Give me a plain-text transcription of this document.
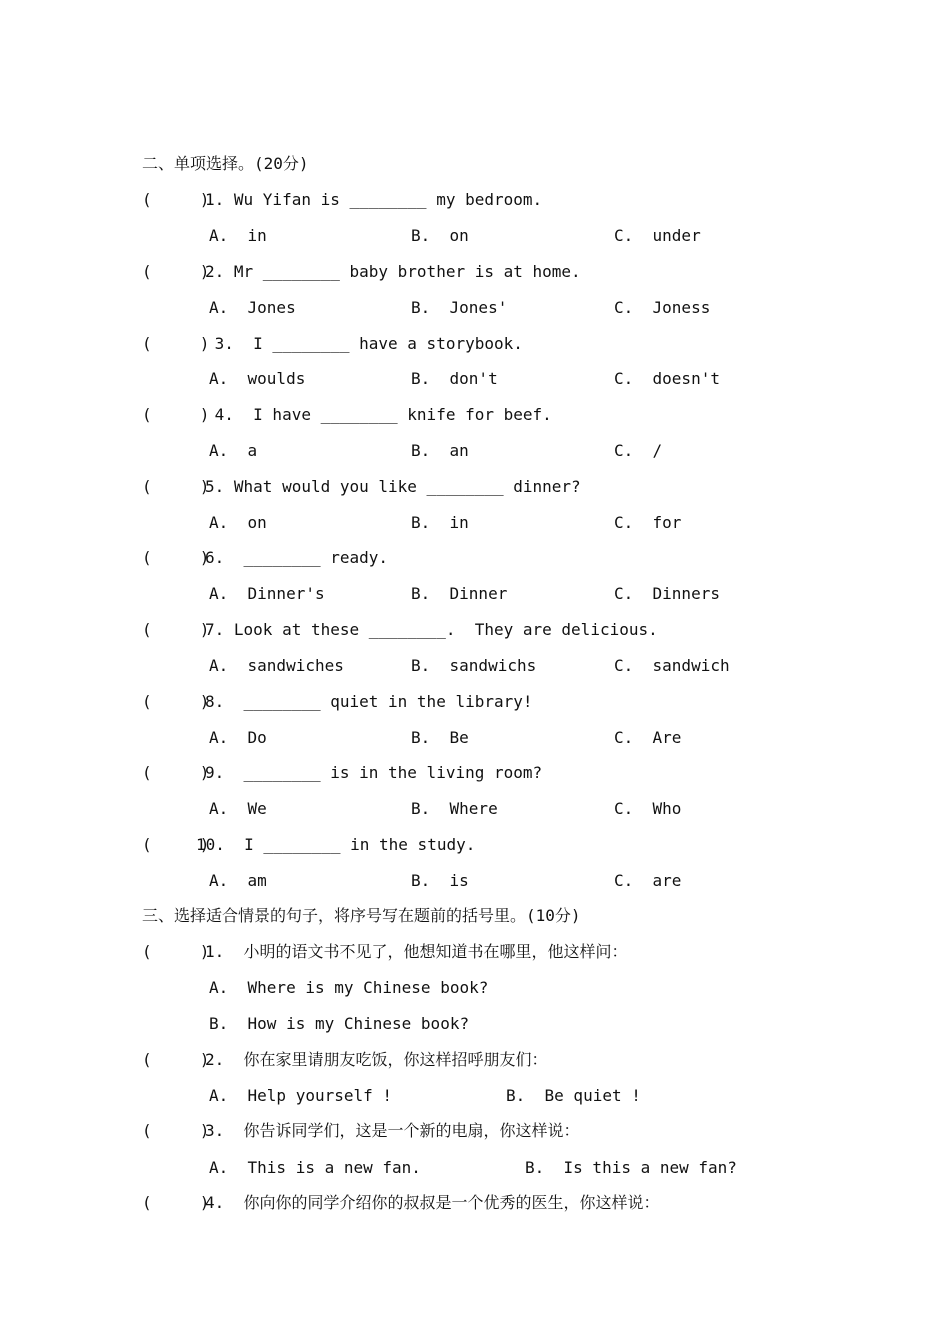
二、单项选择。(20分)
(     )
1. Wu Yifan is ________ my bedroom.
A.  in	B.  on	C.  under
(     )
2. Mr ________ baby brother is at home.
A.  Jones	B.  Jones'	C.  Joness
(     )
3.  I ________ have a storybook.
A.  woulds	B.  don't	C.  doesn't
(     )
4.  I have ________ knife for beef.
A.  a	B.  an	C.  /
(     )
5. What would you like ________ dinner?
A.  on	B.  in	C.  for
(     )
6.  ________ ready.
A.  Dinner's	B.  Dinner	C.  Dinners
(     )
7. Look at these ________.  They are delicious.
A.  sandwiches	B.  sandwichs	C.  sandwich
(     )
8.  ________ quiet in the library!
A.  Do	B.  Be	C.  Are
(     )
9.  ________ is in the living room?
A.  We	B.  Where	C.  Who
(     )
10.  I ________ in the study.
A.  am	B.  is	C.  are
三、选择适合情景的句子，将序号写在题前的括号里。(10分)
(     )
1.  小明的语文书不见了，他想知道书在哪里，他这样问：
A.  Where is my Chinese book?
B.  How is my Chinese book?
(     )
2.  你在家里请朋友吃饭，你这样招呼朋友们：
A.  Help yourself !	B.  Be quiet !
(     )
3.  你告诉同学们，这是一个新的电扇，你这样说：
A.  This is a new fan.	B.  Is this a new fan?
(     )
4.  你向你的同学介绍你的叔叔是一个优秀的医生，你这样说：
